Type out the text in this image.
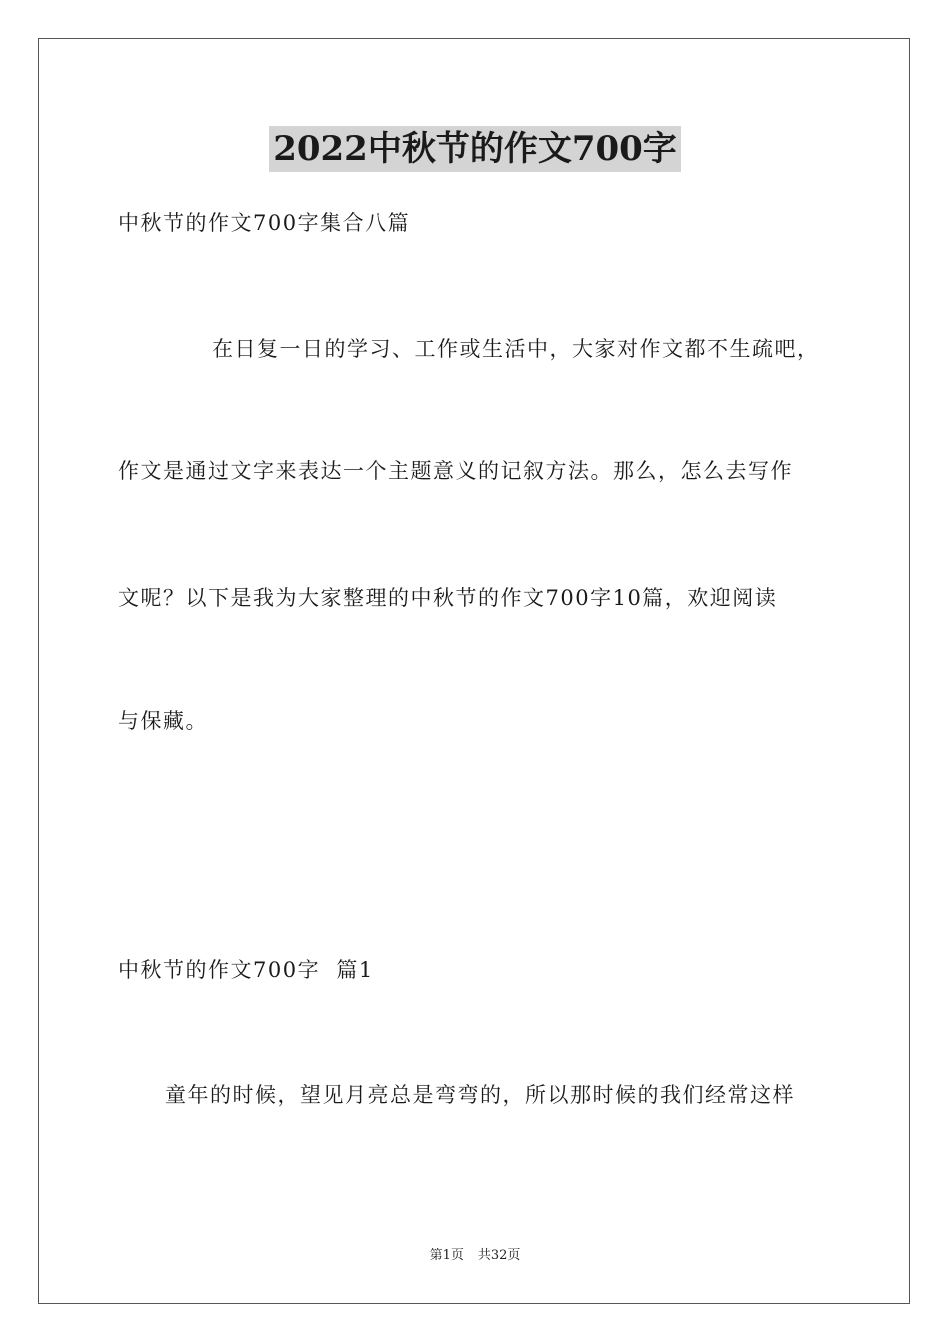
2022中秋节的作文700字
中秋节的作文700字集合八篇
在日复一日的学习、工作或生活中，大家对作文都不生疏吧，
作文是通过文字来表达一个主题意义的记叙方法。那么，怎么去写作
文呢？以下是我为大家整理的中秋节的作文700字10篇，欢迎阅读
与保藏。
中秋节的作文700字  篇1
童年的时候，望见月亮总是弯弯的，所以那时候的我们经常这样
第1页 共32页
